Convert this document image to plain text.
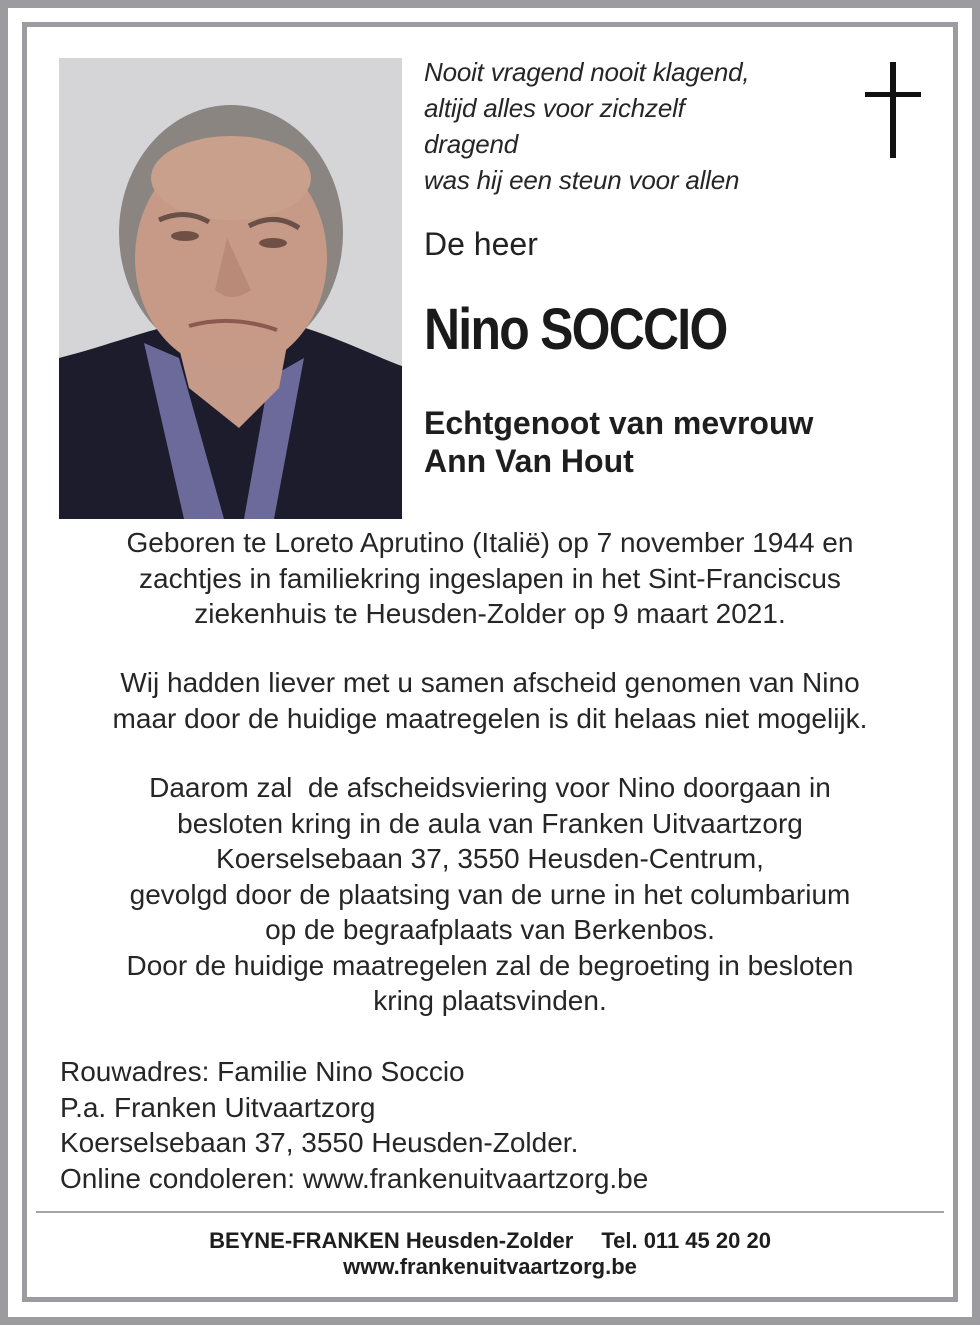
Nooit vragend nooit klagend,
altijd alles voor zichzelf
dragend
was hij een steun voor allen
De heer
Nino SOCCIO
Echtgenoot van mevrouw
Ann Van Hout
Geboren te Loreto Aprutino (Italië) op 7 november 1944 en
zachtjes in familiekring ingeslapen in het Sint-Franciscus
ziekenhuis te Heusden-Zolder op 9 maart 2021.
Wij hadden liever met u samen afscheid genomen van Nino
maar door de huidige maatregelen is dit helaas niet mogelijk.
Daarom zal  de afscheidsviering voor Nino doorgaan in
besloten kring in de aula van Franken Uitvaartzorg
Koerselsebaan 37, 3550 Heusden-Centrum,
gevolgd door de plaatsing van de urne in het columbarium
op de begraafplaats van Berkenbos.
Door de huidige maatregelen zal de begroeting in besloten
kring plaatsvinden.
Rouwadres: Familie Nino Soccio
P.a. Franken Uitvaartzorg
Koerselsebaan 37, 3550 Heusden-Zolder.
Online condoleren: www.frankenuitvaartzorg.be
BEYNE-FRANKEN Heusden-Zolder Tel. 011 45 20 20
www.frankenuitvaartzorg.be
